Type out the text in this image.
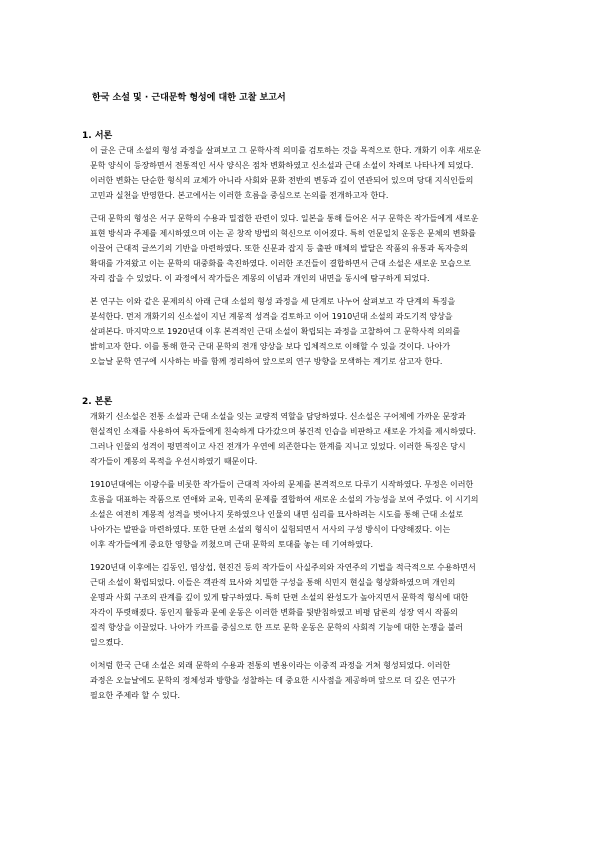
한국 소설 및 · 근대문학 형성에 대한 고찰 보고서
1. 서론
이 글은 근대 소설의 형성 과정을 살펴보고 그 문학사적 의미를 검토하는 것을 목적으로 한다. 개화기 이후 새로운
문학 양식이 등장하면서 전통적인 서사 양식은 점차 변화하였고 신소설과 근대 소설이 차례로 나타나게 되었다.
이러한 변화는 단순한 형식의 교체가 아니라 사회와 문화 전반의 변동과 깊이 연관되어 있으며 당대 지식인들의
고민과 실천을 반영한다. 본고에서는 이러한 흐름을 중심으로 논의를 전개하고자 한다.
근대 문학의 형성은 서구 문학의 수용과 밀접한 관련이 있다. 일본을 통해 들어온 서구 문학은 작가들에게 새로운
표현 방식과 주제를 제시하였으며 이는 곧 창작 방법의 혁신으로 이어졌다. 특히 언문일치 운동은 문체의 변화를
이끌어 근대적 글쓰기의 기반을 마련하였다. 또한 신문과 잡지 등 출판 매체의 발달은 작품의 유통과 독자층의
확대를 가져왔고 이는 문학의 대중화를 촉진하였다. 이러한 조건들이 결합하면서 근대 소설은 새로운 모습으로
자리 잡을 수 있었다. 이 과정에서 작가들은 계몽의 이념과 개인의 내면을 동시에 탐구하게 되었다.
본 연구는 이와 같은 문제의식 아래 근대 소설의 형성 과정을 세 단계로 나누어 살펴보고 각 단계의 특징을
분석한다. 먼저 개화기의 신소설이 지닌 계몽적 성격을 검토하고 이어 1910년대 소설의 과도기적 양상을
살펴본다. 마지막으로 1920년대 이후 본격적인 근대 소설이 확립되는 과정을 고찰하여 그 문학사적 의의를
밝히고자 한다. 이를 통해 한국 근대 문학의 전개 양상을 보다 입체적으로 이해할 수 있을 것이다. 나아가
오늘날 문학 연구에 시사하는 바를 함께 정리하여 앞으로의 연구 방향을 모색하는 계기로 삼고자 한다.
2. 본론
개화기 신소설은 전통 소설과 근대 소설을 잇는 교량적 역할을 담당하였다. 신소설은 구어체에 가까운 문장과
현실적인 소재를 사용하여 독자들에게 친숙하게 다가갔으며 봉건적 인습을 비판하고 새로운 가치를 제시하였다.
그러나 인물의 성격이 평면적이고 사건 전개가 우연에 의존한다는 한계를 지니고 있었다. 이러한 특징은 당시
작가들이 계몽의 목적을 우선시하였기 때문이다.
1910년대에는 이광수를 비롯한 작가들이 근대적 자아의 문제를 본격적으로 다루기 시작하였다. 무정은 이러한
흐름을 대표하는 작품으로 연애와 교육, 민족의 문제를 결합하여 새로운 소설의 가능성을 보여 주었다. 이 시기의
소설은 여전히 계몽적 성격을 벗어나지 못하였으나 인물의 내면 심리를 묘사하려는 시도를 통해 근대 소설로
나아가는 발판을 마련하였다. 또한 단편 소설의 형식이 실험되면서 서사의 구성 방식이 다양해졌다. 이는
이후 작가들에게 중요한 영향을 끼쳤으며 근대 문학의 토대를 놓는 데 기여하였다.
1920년대 이후에는 김동인, 염상섭, 현진건 등의 작가들이 사실주의와 자연주의 기법을 적극적으로 수용하면서
근대 소설이 확립되었다. 이들은 객관적 묘사와 치밀한 구성을 통해 식민지 현실을 형상화하였으며 개인의
운명과 사회 구조의 관계를 깊이 있게 탐구하였다. 특히 단편 소설의 완성도가 높아지면서 문학적 형식에 대한
자각이 뚜렷해졌다. 동인지 활동과 문예 운동은 이러한 변화를 뒷받침하였고 비평 담론의 성장 역시 작품의
질적 향상을 이끌었다. 나아가 카프를 중심으로 한 프로 문학 운동은 문학의 사회적 기능에 대한 논쟁을 불러
일으켰다.
이처럼 한국 근대 소설은 외래 문학의 수용과 전통의 변용이라는 이중적 과정을 거쳐 형성되었다. 이러한
과정은 오늘날에도 문학의 정체성과 방향을 성찰하는 데 중요한 시사점을 제공하며 앞으로 더 깊은 연구가
필요한 주제라 할 수 있다.
